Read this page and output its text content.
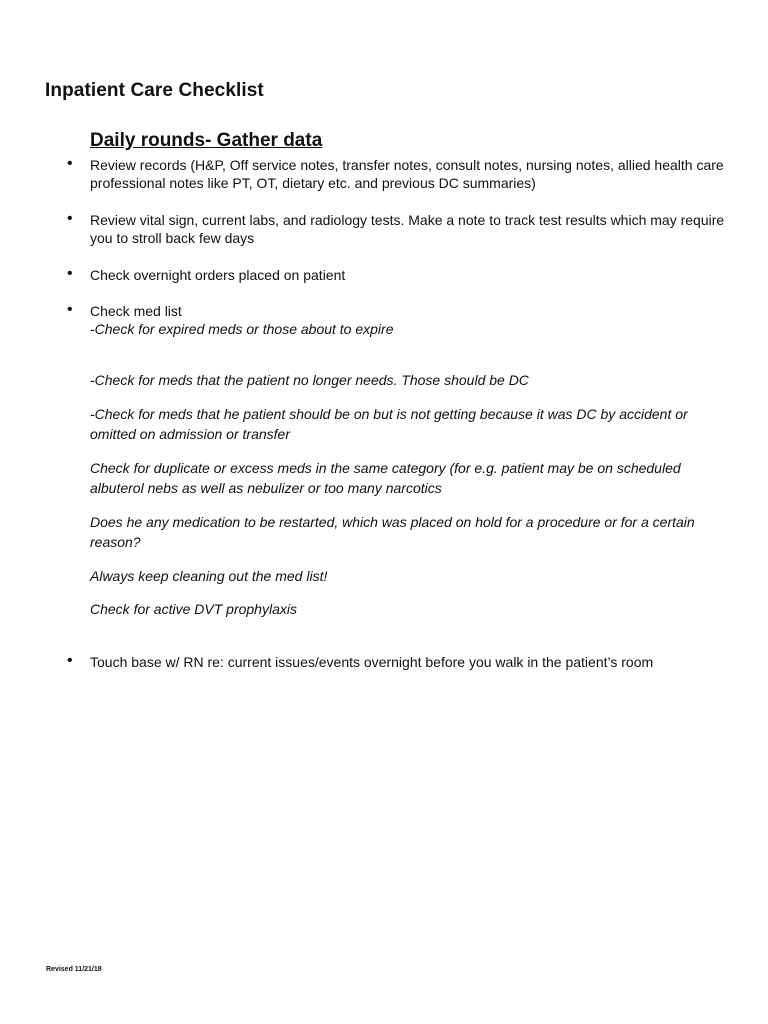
Inpatient Care Checklist
Daily rounds- Gather data
• Review records (H&P, Off service notes, transfer notes, consult notes, nursing notes, allied health care professional notes like PT, OT, dietary etc. and previous DC summaries)

• Review vital sign, current labs, and radiology tests. Make a note to track test results which may require you to stroll back few days

• Check overnight orders placed on patient

• Check med list

-Check for expired meds or those about to expire

-Check for meds that the patient no longer needs. Those should be DC

-Check for meds that he patient should be on but is not getting because it was DC by accident or omitted on admission or transfer

Check for duplicate or excess meds in the same category (for e.g. patient may be on scheduled albuterol nebs as well as nebulizer or too many narcotics

Does he any medication to be restarted, which was placed on hold for a procedure or for a certain reason?

Always keep cleaning out the med list!

Check for active DVT prophylaxis

• Touch base w/ RN re: current issues/events overnight before you walk in the patient’s room

Revised 11/21/18
